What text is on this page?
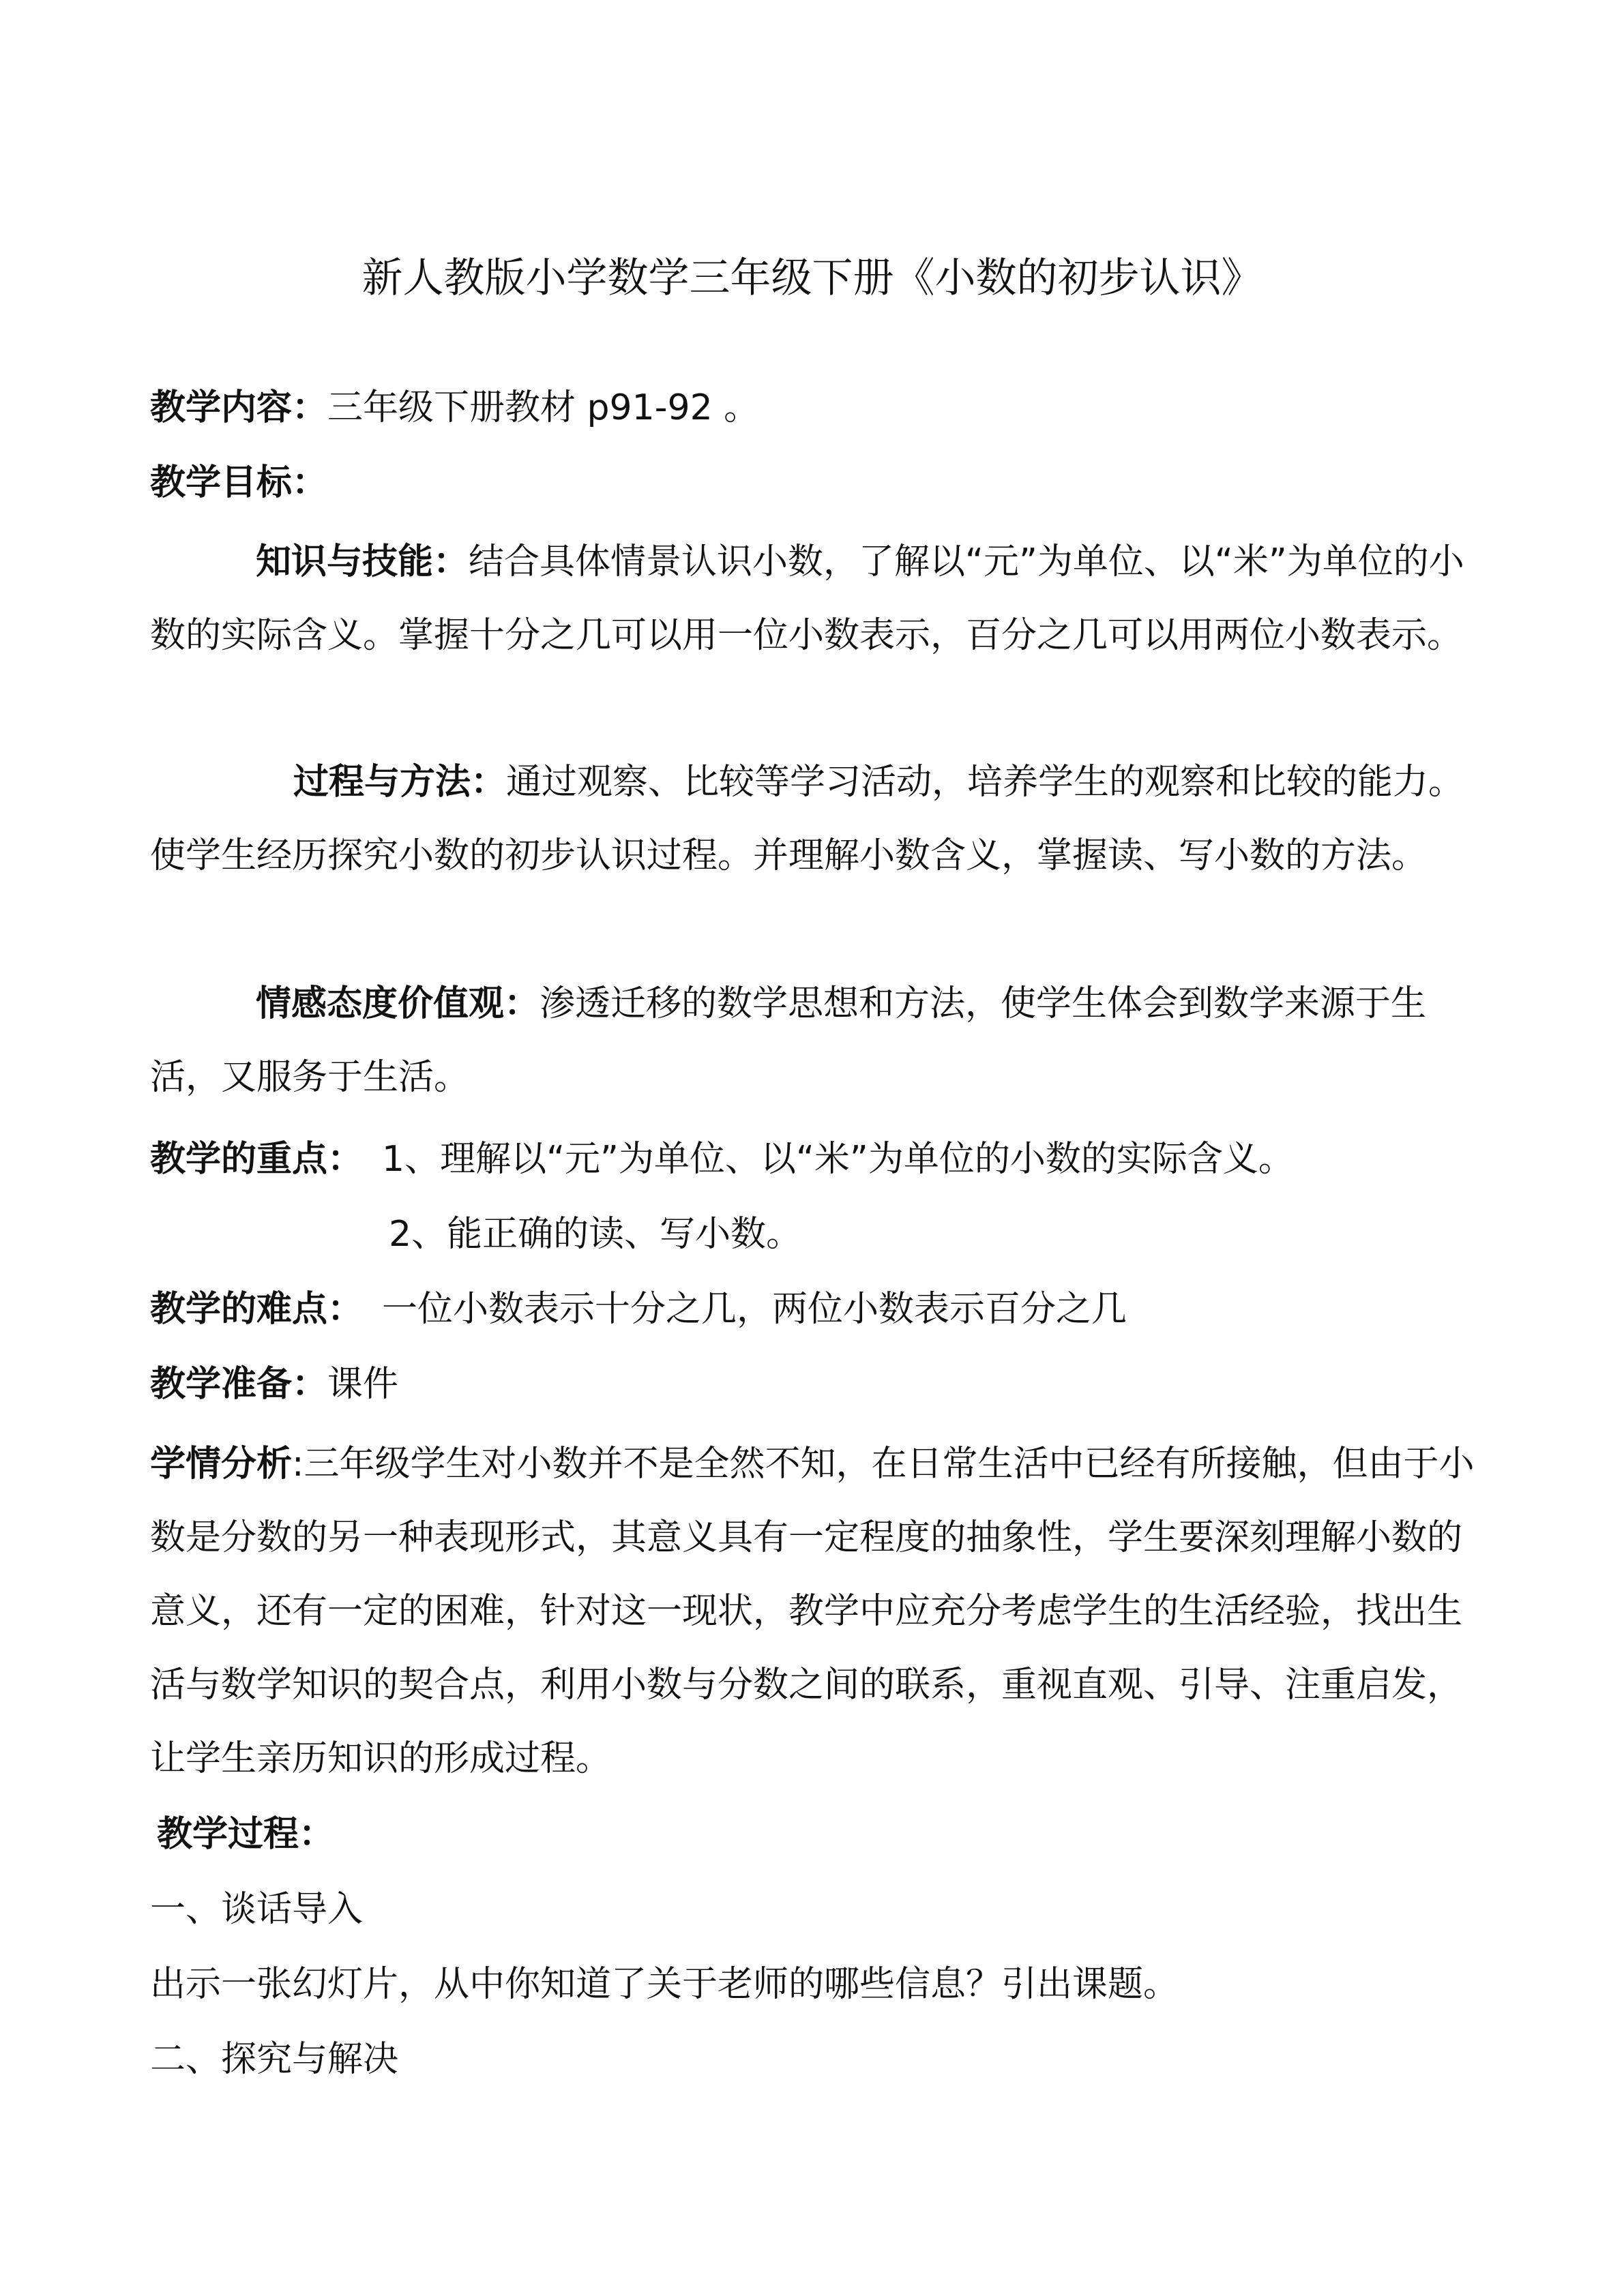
新人教版小学数学三年级下册《小数的初步认识》
教学内容：三年级下册教材 p91-92 。
教学目标：
知识与技能：结合具体情景认识小数，了解以“元”为单位、以“米”为单位的小数的实际含义。掌握十分之几可以用一位小数表示，百分之几可以用两位小数表示。
过程与方法：通过观察、比较等学习活动，培养学生的观察和比较的能力。使学生经历探究小数的初步认识过程。并理解小数含义，掌握读、写小数的方法。
情感态度价值观：渗透迁移的数学思想和方法，使学生体会到数学来源于生活，又服务于生活。
教学的重点： 1、理解以“元”为单位、以“米”为单位的小数的实际含义。
2、能正确的读、写小数。
教学的难点： 一位小数表示十分之几，两位小数表示百分之几
教学准备：课件
学情分析:三年级学生对小数并不是全然不知，在日常生活中已经有所接触，但由于小数是分数的另一种表现形式，其意义具有一定程度的抽象性，学生要深刻理解小数的意义，还有一定的困难，针对这一现状，教学中应充分考虑学生的生活经验，找出生活与数学知识的契合点，利用小数与分数之间的联系，重视直观、引导、注重启发，让学生亲历知识的形成过程。
教学过程：
一、谈话导入
出示一张幻灯片，从中你知道了关于老师的哪些信息？引出课题。
二、探究与解决
